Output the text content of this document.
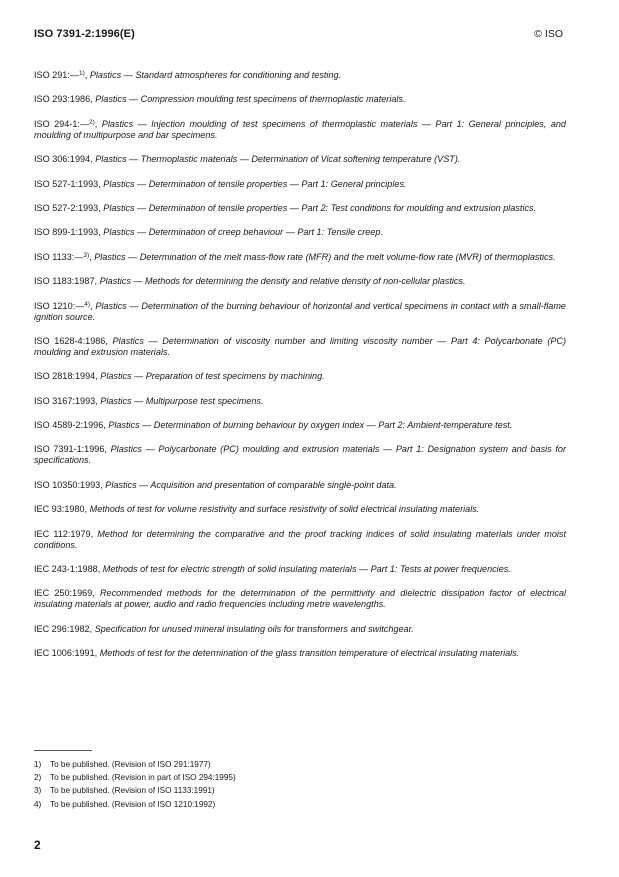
ISO 7391-2:1996(E)	© ISO

ISO 291:—$^{1)}$, Plastics — Standard atmospheres for conditioning and testing.

ISO 293:1986, Plastics — Compression moulding test specimens of thermoplastic materials.

ISO 294-1:—$^{2)}$, Plastics — Injection moulding of test specimens of thermoplastic materials — Part 1: General principles, and moulding of multipurpose and bar specimens.

ISO 306:1994, Plastics — Thermoplastic materials — Determination of Vicat softening temperature (VST).

ISO 527-1:1993, Plastics — Determination of tensile properties — Part 1: General principles.

ISO 527-2:1993, Plastics — Determination of tensile properties — Part 2: Test conditions for moulding and extrusion plastics.

ISO 899-1:1993, Plastics — Determination of creep behaviour — Part 1: Tensile creep.

ISO 1133:—$^{3)}$, Plastics — Determination of the melt mass-flow rate (MFR) and the melt volume-flow rate (MVR) of thermoplastics.

ISO 1183:1987, Plastics — Methods for determining the density and relative density of non-cellular plastics.

ISO 1210:—$^{4)}$, Plastics — Determination of the burning behaviour of horizontal and vertical specimens in contact with a small-flame ignition source.

ISO 1628-4:1986, Plastics — Determination of viscosity number and limiting viscosity number — Part 4: Polycarbonate (PC) moulding and extrusion materials.

ISO 2818:1994, Plastics — Preparation of test specimens by machining.

ISO 3167:1993, Plastics — Multipurpose test specimens.

ISO 4589-2:1996, Plastics — Determination of burning behaviour by oxygen index — Part 2: Ambient-temperature test.

ISO 7391-1:1996, Plastics — Polycarbonate (PC) moulding and extrusion materials — Part 1: Designation system and basis for specifications.

ISO 10350:1993, Plastics — Acquisition and presentation of comparable single-point data.

IEC 93:1980, Methods of test for volume resistivity and surface resistivity of solid electrical insulating materials.

IEC 112:1979, Method for determining the comparative and the proof tracking indices of solid insulating materials under moist conditions.

IEC 243-1:1988, Methods of test for electric strength of solid insulating materials — Part 1: Tests at power frequencies.

IEC 250:1969, Recommended methods for the determination of the permittivity and dielectric dissipation factor of electrical insulating materials at power, audio and radio frequencies including metre wavelengths.

IEC 296:1982, Specification for unused mineral insulating oils for transformers and switchgear.

IEC 1006:1991, Methods of test for the determination of the glass transition temperature of electrical insulating materials.

1) To be published. (Revision of ISO 291:1977)
2) To be published. (Revision in part of ISO 294:1995)
3) To be published. (Revision of ISO 1133:1991)
4) To be published. (Revision of ISO 1210:1992)
2
